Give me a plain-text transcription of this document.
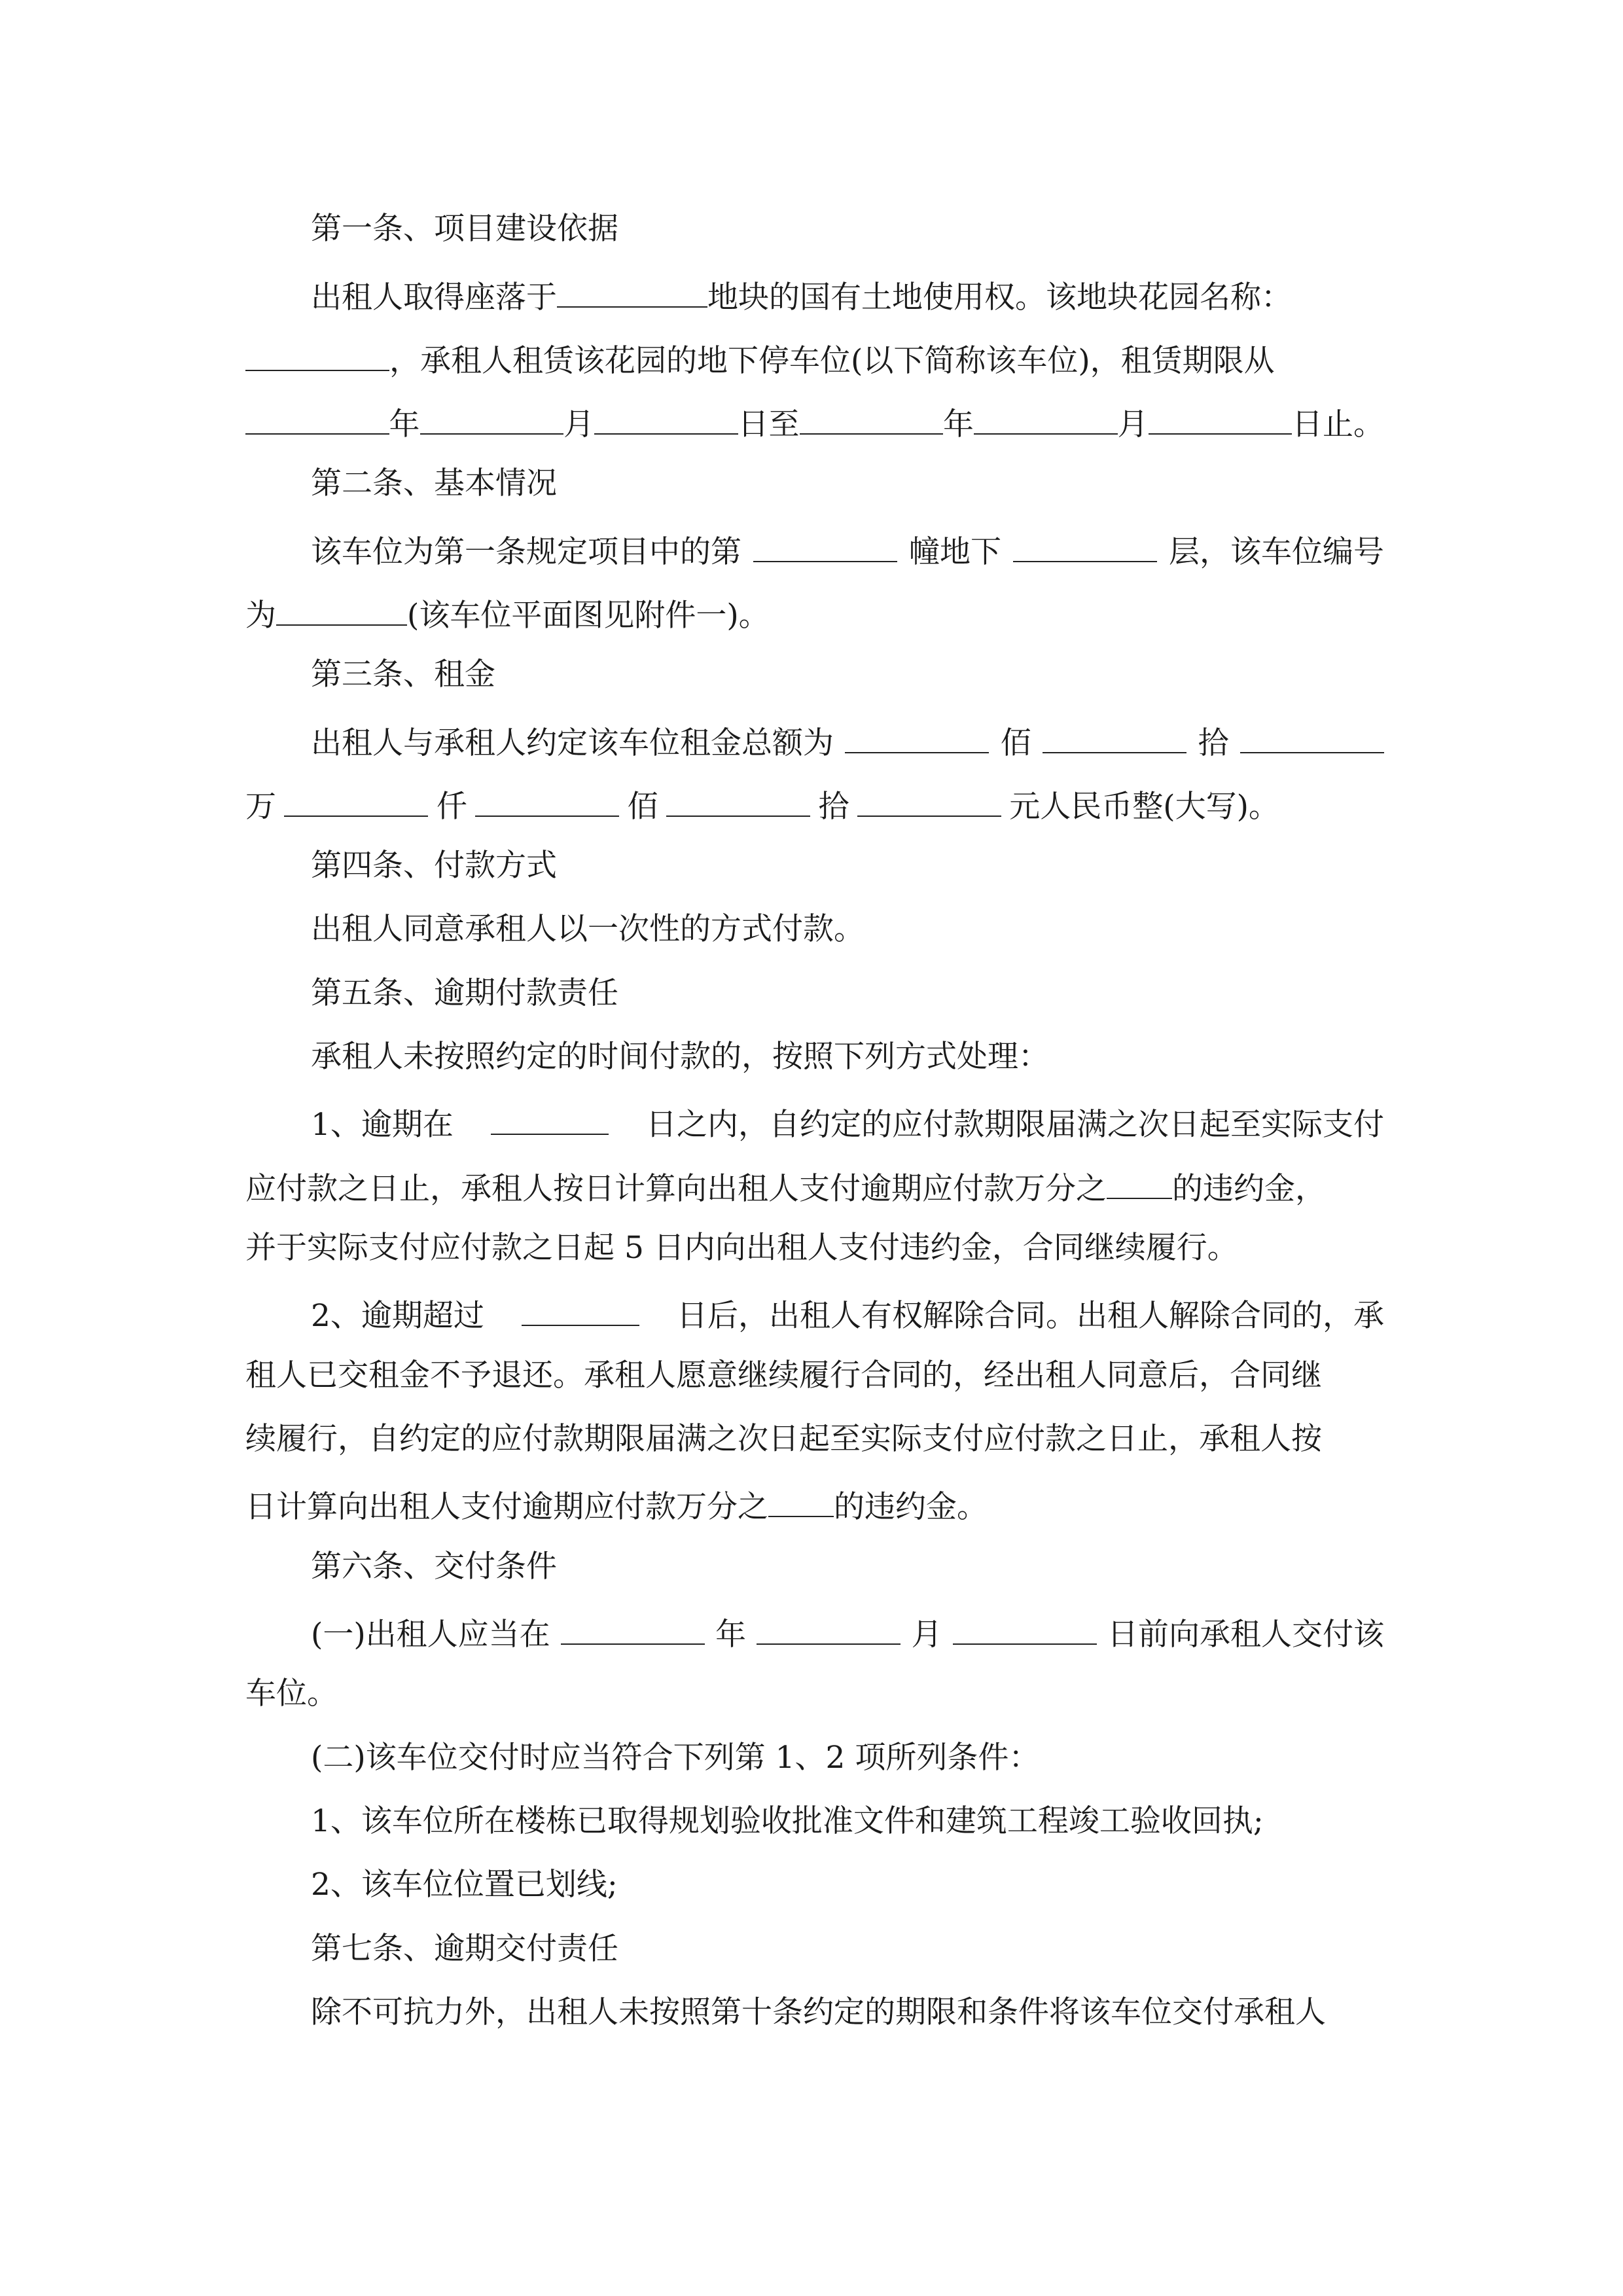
第一条、项目建设依据
出租人取得座落于	地块的国有土地使用权。该地块花园名称：
，承租人租赁该花园的地下停车位(以下简称该车位)，租赁期限从
年	月	日至	年	月	日止。
第二条、基本情况
该车位为第一条规定项目中的第	幢地下	层，该车位编号
为	(该车位平面图见附件一)。
第三条、租金
出租人与承租人约定该车位租金总额为	佰	拾
万	仟	佰	拾	元人民币整(大写)。
第四条、付款方式
出租人同意承租人以一次性的方式付款。
第五条、逾期付款责任
承租人未按照约定的时间付款的，按照下列方式处理：
1、逾期在	日之内，自约定的应付款期限届满之次日起至实际支付
应付款之日止，承租人按日计算向出租人支付逾期应付款万分之 的违约金，
并于实际支付应付款之日起 5 日内向出租人支付违约金，合同继续履行。
2、逾期超过	日后，出租人有权解除合同。出租人解除合同的，承
租人已交租金不予退还。承租人愿意继续履行合同的，经出租人同意后，合同继
续履行，自约定的应付款期限届满之次日起至实际支付应付款之日止，承租人按
日计算向出租人支付逾期应付款万分之 的违约金。
第六条、交付条件
(一)出租人应当在	年	月	日前向承租人交付该
车位。
(二)该车位交付时应当符合下列第 1、2 项所列条件：
1、该车位所在楼栋已取得规划验收批准文件和建筑工程竣工验收回执;
2、该车位位置已划线;
第七条、逾期交付责任
除不可抗力外，出租人未按照第十条约定的期限和条件将该车位交付承租人
